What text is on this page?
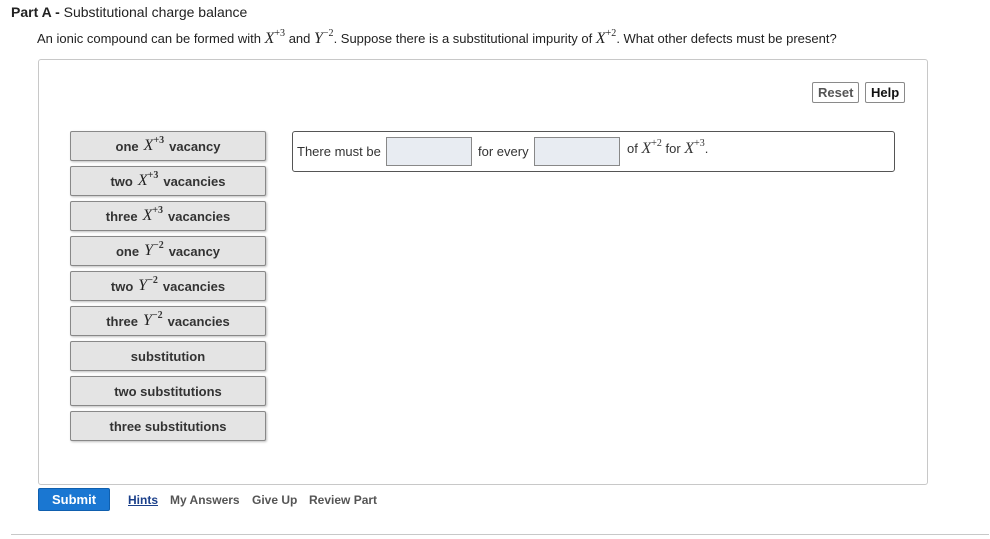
Part A - Substitutional charge balance
An ionic compound can be formed with $X^{+3}$ and $Y^{-2}$. Suppose there is a substitutional impurity of $X^{+2}$. What other defects must be present?
Reset	Help
one $X^{+3}$ vacancy
two $X^{+3}$ vacancies
three $X^{+3}$ vacancies
one $Y^{-2}$ vacancy
two $Y^{-2}$ vacancies
three $Y^{-2}$ vacancies
substitution
two substitutions
three substitutions
There must be	for every	of $X^{+2}$ for $X^{+3}$.
Submit	Hints My Answers Give Up Review Part
